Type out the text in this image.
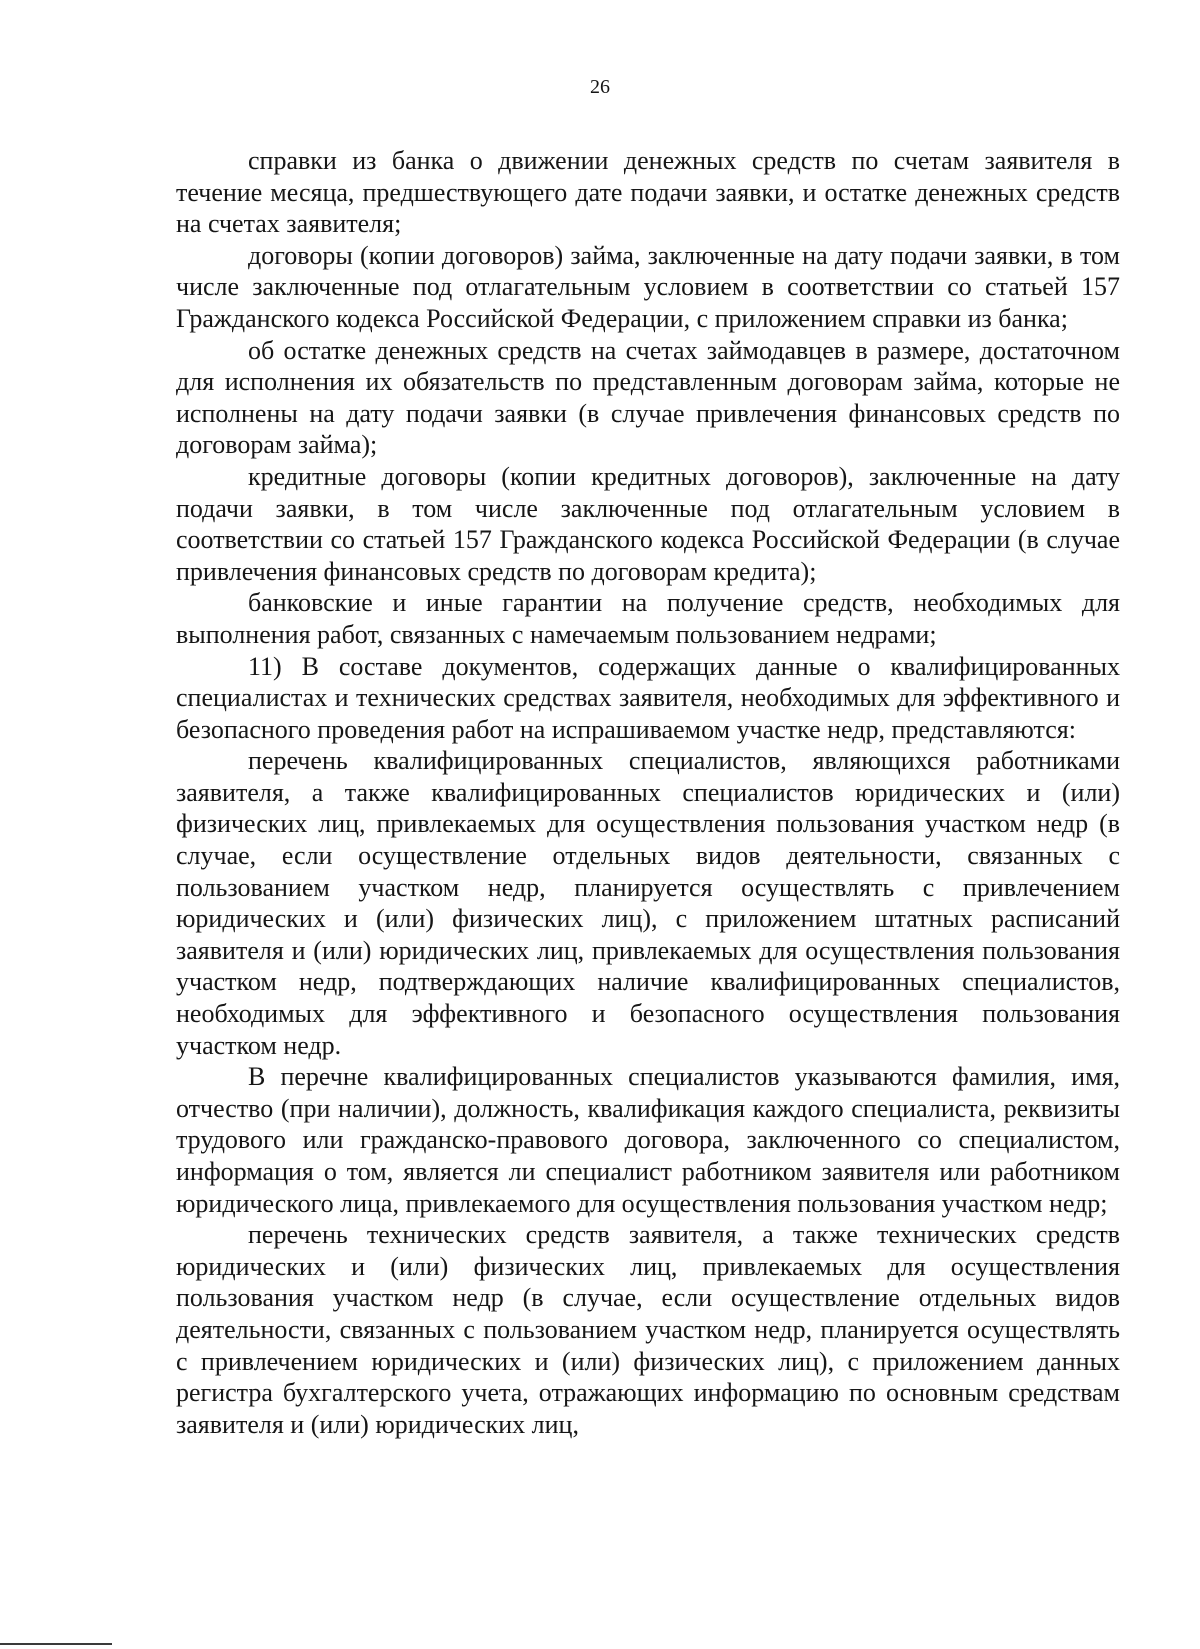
26

справки из банка о движении денежных средств по счетам заявителя в течение месяца, предшествующего дате подачи заявки, и остатке денежных средств на счетах заявителя;

договоры (копии договоров) займа, заключенные на дату подачи заявки, в том числе заключенные под отлагательным условием в соответствии со статьей 157 Гражданского кодекса Российской Федерации, с приложением справки из банка;

об остатке денежных средств на счетах займодавцев в размере, достаточном для исполнения их обязательств по представленным договорам займа, которые не исполнены на дату подачи заявки (в случае привлечения финансовых средств по договорам займа);

кредитные договоры (копии кредитных договоров), заключенные на дату подачи заявки, в том числе заключенные под отлагательным условием в соответствии со статьей 157 Гражданского кодекса Российской Федерации (в случае привлечения финансовых средств по договорам кредита);

банковские и иные гарантии на получение средств, необходимых для выполнения работ, связанных с намечаемым пользованием недрами;

11) В составе документов, содержащих данные о квалифицированных специалистах и технических средствах заявителя, необходимых для эффективного и безопасного проведения работ на испрашиваемом участке недр, представляются:

перечень квалифицированных специалистов, являющихся работниками заявителя, а также квалифицированных специалистов юридических и (или) физических лиц, привлекаемых для осуществления пользования участком недр (в случае, если осуществление отдельных видов деятельности, связанных с пользованием участком недр, планируется осуществлять с привлечением юридических и (или) физических лиц), с приложением штатных расписаний заявителя и (или) юридических лиц, привлекаемых для осуществления пользования участком недр, подтверждающих наличие квалифицированных специалистов, необходимых для эффективного и безопасного осуществления пользования участком недр.

В перечне квалифицированных специалистов указываются фамилия, имя, отчество (при наличии), должность, квалификация каждого специалиста, реквизиты трудового или гражданско-правового договора, заключенного со специалистом, информация о том, является ли специалист работником заявителя или работником юридического лица, привлекаемого для осуществления пользования участком недр;

перечень технических средств заявителя, а также технических средств юридических и (или) физических лиц, привлекаемых для осуществления пользования участком недр (в случае, если осуществление отдельных видов деятельности, связанных с пользованием участком недр, планируется осуществлять с привлечением юридических и (или) физических лиц), с приложением данных регистра бухгалтерского учета, отражающих информацию по основным средствам заявителя и (или) юридических лиц,
